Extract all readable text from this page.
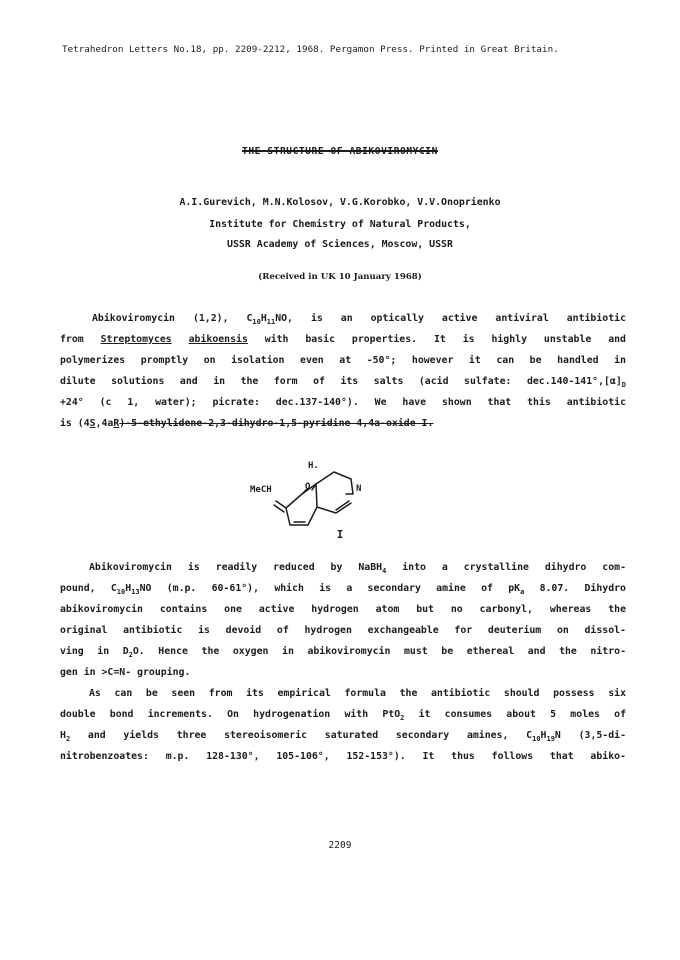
Tetrahedron Letters No.18, pp. 2209-2212, 1968. Pergamon Press. Printed in Great Britain.
THE STRUCTURE OF ABIKOVIROMYCIN
A.I.Gurevich, M.N.Kolosov, V.G.Korobko, V.V.Onoprienko
Institute for Chemistry of Natural Products,
USSR Academy of Sciences, Moscow, USSR
(Received in UK 10 January 1968)
Abikoviromycin (1,2), $C_{10}H_{11}NO$, is an optically active antiviral antibiotic
from Streptomyces abikoensis with basic properties. It is highly unstable and
polymerizes promptly on isolation even at -50°; however it can be handled in
dilute solutions and in the form of its salts (acid sulfate: $dec.140-141^\circ,[\alpha]_D$
+24° (c 1, water); picrate: dec.137-140°). We have shown that this antibiotic
is (4S,4aR)-5-ethylidene-2,3-dihydro-1,5-pyridine 4,4a-oxide I.
H.
MeCH	O	N
I
Abikoviromycin is readily reduced by NaBH$_4$ into a crystalline dihydro com-
pound, $C_{10}H_{13}NO$ (m.p. 60-61°), which is a secondary amine of $pK_a$ 8.07. Dihydro
abikoviromycin contains one active hydrogen atom but no carbonyl, whereas the
original antibiotic is devoid of hydrogen exchangeable for deuterium on dissol-
ving in $D_2O$. Hence the oxygen in abikoviromycin must be ethereal and the nitro-
gen in >C=N- grouping.
As can be seen from its empirical formula the antibiotic should possess six
double bond increments. On hydrogenation with PtO$_2$ it consumes about 5 moles of
$H_2$ and yields three stereoisomeric saturated secondary amines, $C_{10}H_{19}N$ (3,5-di-
nitrobenzoates: m.p. 128-130°, 105-106°, 152-153°). It thus follows that abiko-
2209
